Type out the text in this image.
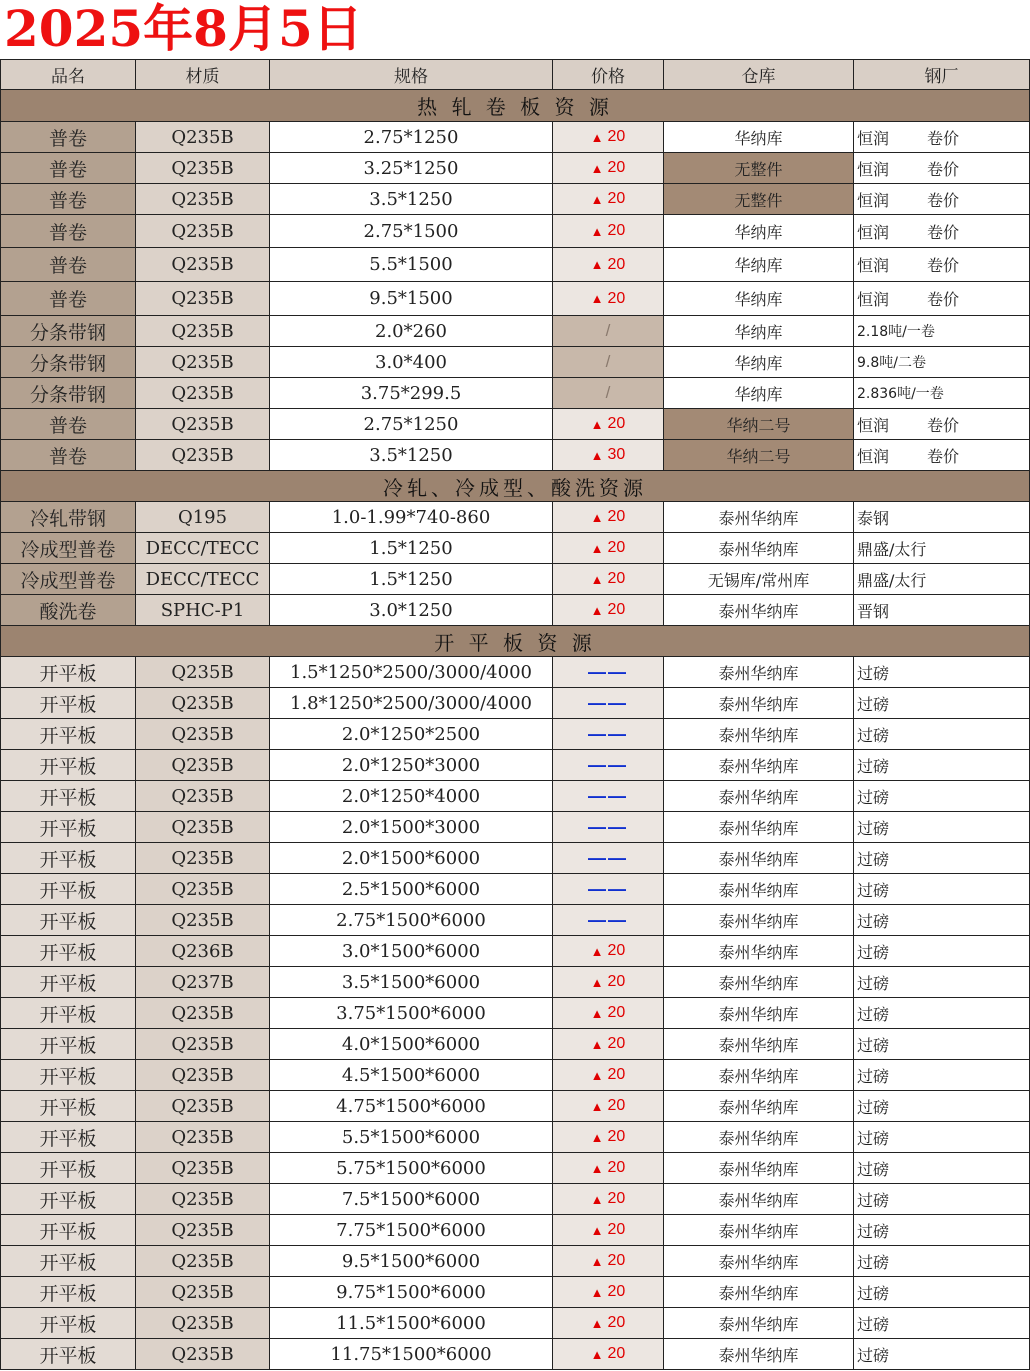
2025年8月5日
品名	材质	规格	价格	仓库	钢厂
热 轧 卷 板 资 源
普卷	Q235B	2.75*1250	▲ 20	华纳库	恒润	卷价
普卷	Q235B	3.25*1250	▲ 20	无整件	恒润	卷价
普卷	Q235B	3.5*1250	▲ 20	无整件	恒润	卷价
普卷	Q235B	2.75*1500	▲ 20	华纳库	恒润	卷价
普卷	Q235B	5.5*1500	▲ 20	华纳库	恒润	卷价
普卷	Q235B	9.5*1500	▲ 20	华纳库	恒润	卷价
分条带钢	Q235B	2.0*260	/	华纳库	2.18吨/一卷
分条带钢	Q235B	3.0*400	/	华纳库	9.8吨/二卷
分条带钢	Q235B	3.75*299.5	/	华纳库	2.836吨/一卷
普卷	Q235B	2.75*1250	▲ 20	华纳二号	恒润	卷价
普卷	Q235B	3.5*1250	▲ 30	华纳二号	恒润	卷价
冷轧、冷成型、酸洗资源
冷轧带钢	Q195	1.0-1.99*740-860	▲ 20	泰州华纳库	泰钢
冷成型普卷	DECC/TECC	1.5*1250	▲ 20	泰州华纳库	鼎盛/太行
冷成型普卷	DECC/TECC	1.5*1250	▲ 20	无锡库/常州库	鼎盛/太行
酸洗卷	SPHC-P1	3.0*1250	▲ 20	泰州华纳库	晋钢
开 平 板 资 源
开平板	Q235B	1.5*1250*2500/3000/4000	——	泰州华纳库	过磅
开平板	Q235B	1.8*1250*2500/3000/4000	——	泰州华纳库	过磅
开平板	Q235B	2.0*1250*2500	——	泰州华纳库	过磅
开平板	Q235B	2.0*1250*3000	——	泰州华纳库	过磅
开平板	Q235B	2.0*1250*4000	——	泰州华纳库	过磅
开平板	Q235B	2.0*1500*3000	——	泰州华纳库	过磅
开平板	Q235B	2.0*1500*6000	——	泰州华纳库	过磅
开平板	Q235B	2.5*1500*6000	——	泰州华纳库	过磅
开平板	Q235B	2.75*1500*6000	——	泰州华纳库	过磅
开平板	Q236B	3.0*1500*6000	▲ 20	泰州华纳库	过磅
开平板	Q237B	3.5*1500*6000	▲ 20	泰州华纳库	过磅
开平板	Q235B	3.75*1500*6000	▲ 20	泰州华纳库	过磅
开平板	Q235B	4.0*1500*6000	▲ 20	泰州华纳库	过磅
开平板	Q235B	4.5*1500*6000	▲ 20	泰州华纳库	过磅
开平板	Q235B	4.75*1500*6000	▲ 20	泰州华纳库	过磅
开平板	Q235B	5.5*1500*6000	▲ 20	泰州华纳库	过磅
开平板	Q235B	5.75*1500*6000	▲ 20	泰州华纳库	过磅
开平板	Q235B	7.5*1500*6000	▲ 20	泰州华纳库	过磅
开平板	Q235B	7.75*1500*6000	▲ 20	泰州华纳库	过磅
开平板	Q235B	9.5*1500*6000	▲ 20	泰州华纳库	过磅
开平板	Q235B	9.75*1500*6000	▲ 20	泰州华纳库	过磅
开平板	Q235B	11.5*1500*6000	▲ 20	泰州华纳库	过磅
开平板	Q235B	11.75*1500*6000	▲ 20	泰州华纳库	过磅
